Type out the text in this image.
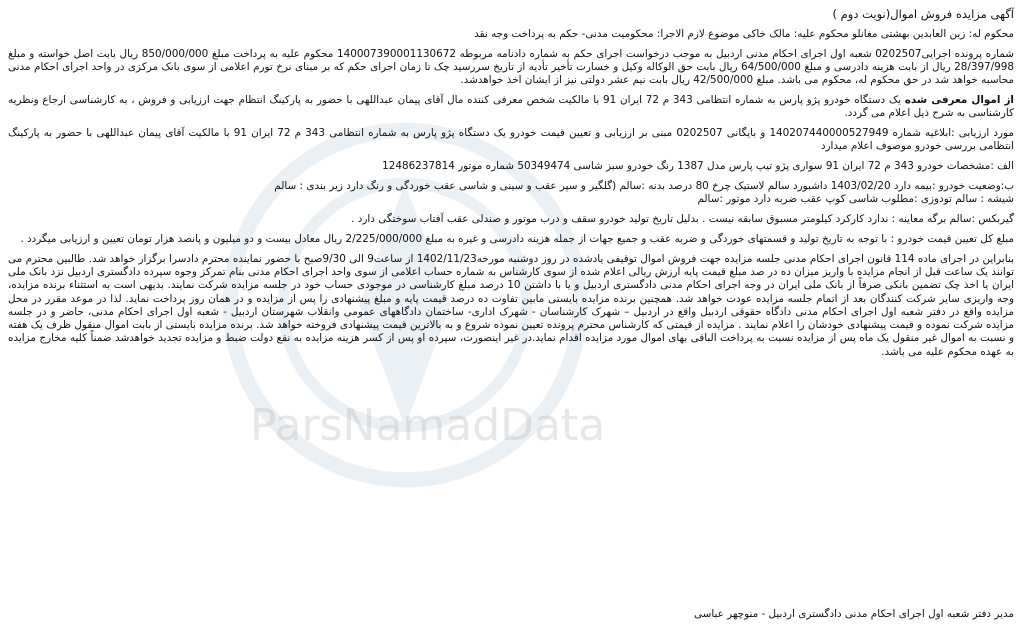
ParsNamadData

آگهی مزایده فروش اموال(نوبت دوم )

محکوم له: زین العابدین بهشتی مغانلو محکوم علیه: مالک خاکی موضوع لازم الاجرا: محکومیت مدنی- حکم به پرداخت وجه نقد

شماره پرونده اجرایی0202507 شعبه اول اجرای احکام مدنی اردبیل به موجب درخواست اجرای حکم به شماره دادنامه مربوطه 140007390001130672 محکوم علیه به پرداخت مبلغ 850/000/000 ریال بابت اصل خواسته و مبلغ 28/397/998 ریال از بابت هزینه دادرسی و مبلغ 64/500/000 ریال بابت حق الوکاله وکیل و خسارت تأخیر تأدیه از تاریخ سررسید چک تا زمان اجرای حکم که بر مبنای نرخ تورم اعلامی از سوی بانک مرکزی در واحد اجرای احکام مدنی محاسبه خواهد شد در حق محکوم له، محکوم می باشد. مبلغ 42/500/000 ریال بابت نیم عشر دولتی نیز از ایشان اخذ خواهدشد.

از اموال معرفی شده یک دستگاه خودرو پژو پارس به شماره انتظامی 343 م 72 ایران 91 با مالکیت شخص معرفی کننده مال آقای پیمان عبداللهی با حضور به پارکینگ انتظام جهت ارزیابی و فروش ، به کارشناسی ارجاع ونظریه کارشناسی به شرح ذیل اعلام می گردد.

مورد ارزیابی :ابلاغیه شماره 140207440000527949 و بایگانی 0202507 مبنی بر ارزیابی و تعیین قیمت خودرو یک دستگاه پژو پارس به شماره انتظامی 343 م 72 ایران 91 با مالکیت آقای پیمان عبداللهی با حضور به پارکینگ انتظامی بررسی خودرو موصوف اعلام میدارد

الف :مشخصات خودرو 343 م 72 ایران 91 سواری پژو تیپ پارس مدل 1387 رنگ خودرو سبز شاسی 50349474 شماره موتور 12486237814

ب:وضعیت خودرو :بیمه دارد 1403/02/20 داشبورد سالم لاستیک چرخ 80 درصد بدنه :سالم (گلگیر و سپر عقب و سینی و شاسی عقب خوردگی و رنگ دارد زیر بندی : سالم

شیشه : سالم تودوزی :مطلوب شاسی کوپ عقب ضربه دارد موتور :سالم

گیربکس :سالم برگه معاینه : ندارد کارکرد کیلومتر مسبوق سابقه نیست . بدلیل تاریخ تولید خودرو سقف و درب موتور و صندلی عقب آفتاب سوختگی دارد .

مبلغ کل تعیین قیمت خودرو : با توجه به تاریخ تولید و قسمتهای خوردگی و ضربه عقب و جمیع جهات از جمله هزینه دادرسی و غیره به مبلغ 2/225/000/000 ریال معادل بیست و دو میلیون و پانصد هزار تومان تعیین و ارزیابی میگردد .

بنابراین در اجرای ماده 114 قانون اجرای احکام مدنی جلسه مزایده جهت فروش اموال توقیفی یادشده در روز دوشنبه مورخه1402/11/23 از ساعت9 الی 9/30صبح با حضور نماینده محترم دادسرا برگزار خواهد شد. طالبین محترم می توانند یک ساعت قبل از انجام مزایده با واریز میزان ده در صد مبلغ قیمت پایه ارزش ریالی اعلام شده از سوی کارشناس به شماره حساب اعلامی از سوی واحد اجرای احکام مدنی بنام تمرکز وجوه سپرده دادگستری اردبیل نزد بانک ملی ایران یا اخذ چک تضمین بانکی صرفاً از بانک ملی ایران در وجه اجرای احکام مدنی دادگستری اردبیل و یا با داشتن 10 درصد مبلغ کارشناسی در موجودی حساب خود در جلسه مزایده شرکت نمایند. بدیهی است به استثناء برنده مزایده، وجه واریزی سایر شرکت کنندگان بعد از اتمام جلسه مزایده عودت خواهد شد. همچنین برنده مزایده بایستی مابین تفاوت ده درصد قیمت پایه و مبلغ پیشنهادی را پس از مزایده و در همان روز پرداخت نماید. لذا در موعد مقرر در محل مزایده واقع در دفتر شعبه اول اجرای احکام مدنی دادگاه حقوقی اردبیل واقع در اردبیل – شهرک کارشناسان - شهرک اداری- ساختمان دادگاههای عمومی وانقلاب شهرستان اردبیل - شعبه اول اجرای احکام مدنی، حاضر و در جلسه مزایده شرکت نموده و قیمت پیشنهادی خودشان را اعلام نمایند . مزایده از قیمتی که کارشناس محترم پرونده تعیین نموده شروع و به بالاترین قیمت پیشنهادی فروخته خواهد شد. برنده مزایده بایستی از بابت اموال منقول ظرف یک هفته و نسبت به اموال غیر منقول یک ماه پس از مزایده نسبت به پرداخت الباقی بهای اموال مورد مزایده اقدام نماید.در غیر اینصورت، سپرده او پس از کسر هزینه مزایده به نفع دولت ضبط و مزایده تجدید خواهدشد ضمناً کلیه مخارج مزایده به عهده محکوم علیه می باشد.

مدیر دفتر شعبه اول اجرای احکام مدنی دادگستری اردبیل - منوچهر عباسی
